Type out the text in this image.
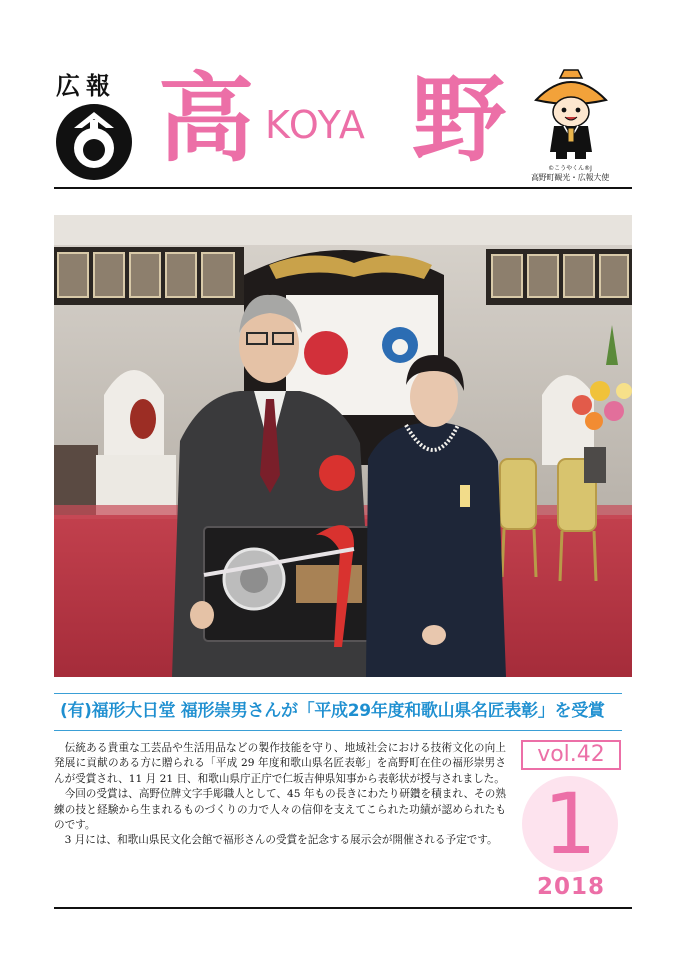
広報 高 KOYA 野	©こうやくん®J
高野町観光・広報大使
(有)福形大日堂 福形崇男さんが「平成29年度和歌山県名匠表彰」を受賞

伝統ある貴重な工芸品や生活用品などの製作技能を守り、地域社会における技術文化の向上発展に貢献のある方に贈られる「平成 29 年度和歌山県名匠表彰」を高野町在住の福形崇男さんが受賞され、11 月 21 日、和歌山県庁正庁で仁坂吉伸県知事から表彰状が授与されました。

今回の受賞は、高野位牌文字手彫職人として、45 年もの長きにわたり研鑽を積まれ、その熟練の技と経験から生まれるものづくりの力で人々の信仰を支えてこられた功績が認められたものです。

3 月には、和歌山県民文化会館で福形さんの受賞を記念する展示会が開催される予定です。

vol.42
1
2018
